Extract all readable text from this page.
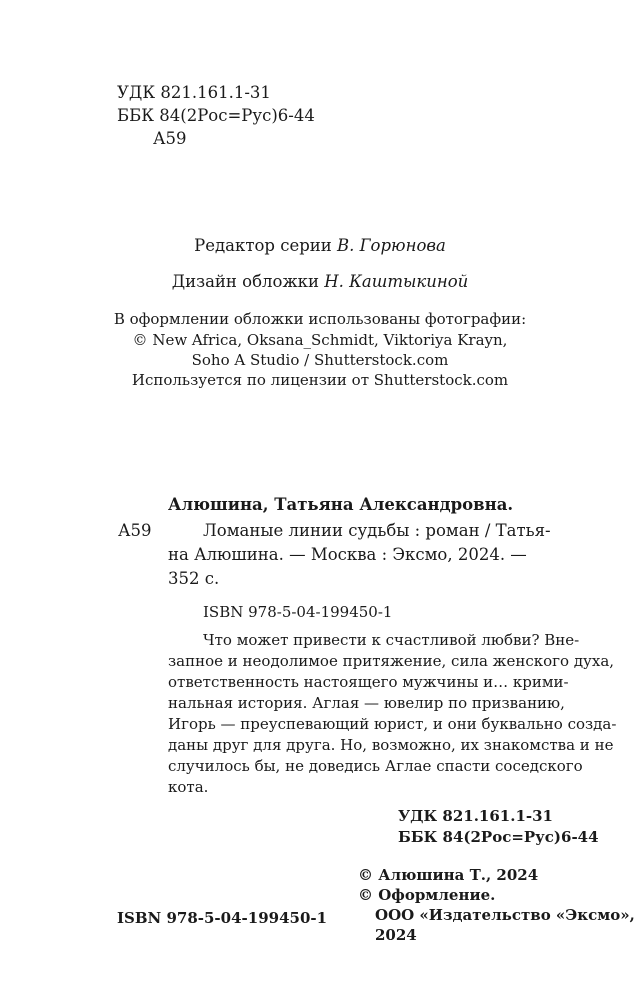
УДК 821.161.1-31
ББК 84(2Рос=Рус)6-44
А59
Редактор серии В. Горюнова
Дизайн обложки Н. Каштыкиной
В оформлении обложки использованы фотографии:
© New Africa, Oksana_Schmidt, Viktoriya Krayn,
Soho A Studio / Shutterstock.com
Используется по лицензии от Shutterstock.com
Алюшина, Татьяна Александровна.
А59	Ломаные линии судьбы : роман / Татья-
на Алюшина. — Москва : Эксмо, 2024. —
352 с.
ISBN 978-5-04-199450-1
Что может привести к счастливой любви? Вне-
запное и неодолимое притяжение, сила женского духа,
ответственность настоящего мужчины и… крими-
нальная история. Аглая — ювелир по призванию,
Игорь — преуспевающий юрист, и они буквально созда-
даны друг для друга. Но, возможно, их знакомства и не
случилось бы, не доведись Аглае спасти соседского
кота.
УДК 821.161.1-31
ББК 84(2Рос=Рус)6-44
© Алюшина Т., 2024
© Оформление.
ООО «Издательство «Эксмо»,
2024
ISBN 978-5-04-199450-1
